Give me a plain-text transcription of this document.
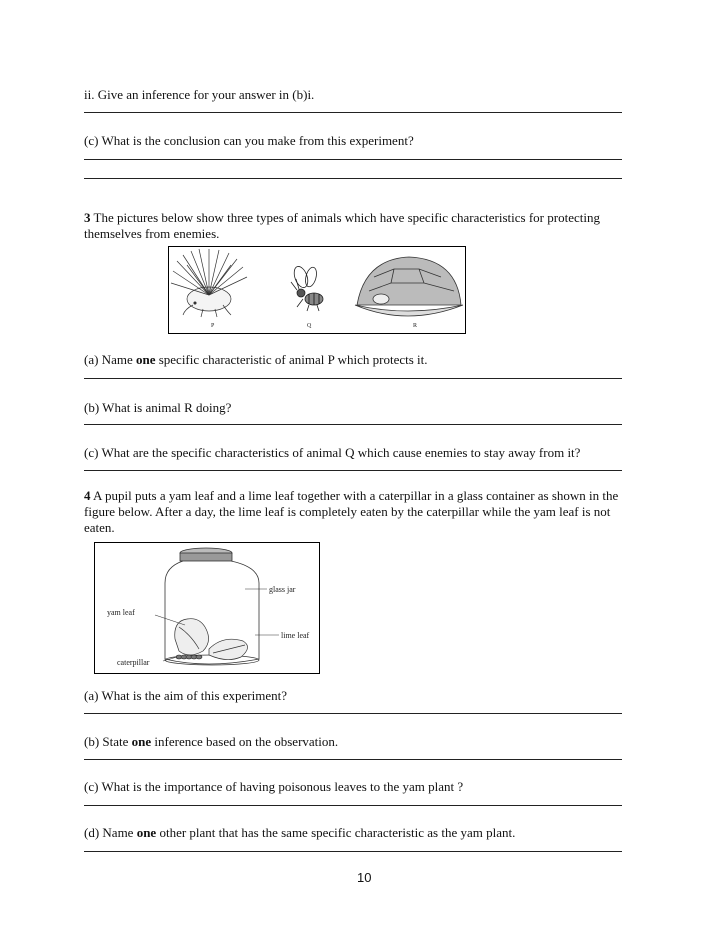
ii. Give an inference for your answer in (b)i.
(c) What is the conclusion can you make from this experiment?
3 The pictures below show three types of animals which have specific characteristics for protecting
themselves from enemies.
P	Q	R
(a) Name one specific characteristic of animal P which protects it.
(b) What is animal R doing?
(c) What are the specific characteristics of animal Q which cause enemies to stay away from it?
4 A pupil puts a yam leaf and a lime leaf together with a caterpillar in a glass container as shown in the
figure below. After a day, the lime leaf is completely eaten by the caterpillar while the yam leaf is not
eaten.
glass jar
yam leaf
lime leaf
caterpillar
(a) What is the aim of this experiment?
(b) State one inference based on the observation.
(c) What is the importance of having poisonous leaves to the yam plant ?
(d) Name one other plant that has the same specific characteristic as the yam plant.
10
